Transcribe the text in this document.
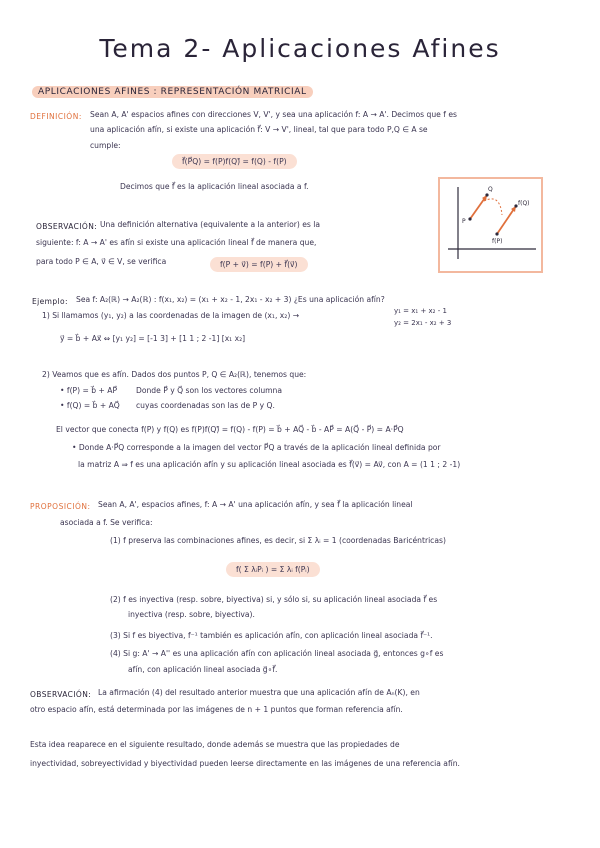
Tema 2- Aplicaciones Afines
APLICACIONES AFINES : REPRESENTACIÓN MATRICIAL
DEFINICIÓN: Sean A, A' espacios afines con direcciones V, V', y sea una aplicación f: A → A'. Decimos que f es
una aplicación afín, si existe una aplicación f⃗: V → V', lineal, tal que para todo P,Q ∈ A se
cumple:
f⃗(P⃗Q) = f(P)f(Q)⃗ = f(Q) - f(P)
Decimos que f⃗ es la aplicación lineal asociada a f.	Q
P
f(Q)
f(P)
OBSERVACIÓN: Una definición alternativa (equivalente a la anterior) es la
siguiente: f: A → A' es afín si existe una aplicación lineal f⃗ de manera que,
para todo P ∈ A, v⃗ ∈ V, se verifica	f(P + v⃗) = f(P) + f⃗(v⃗)
Ejemplo: Sea f: A₂(ℝ) → A₂(ℝ) : f(x₁, x₂) = (x₁ + x₂ - 1, 2x₁ - x₂ + 3) ¿Es una aplicación afín?
1) Si llamamos (y₁, y₂) a las coordenadas de la imagen de (x₁, x₂) →	y₁ = x₁ + x₂ - 1
y₂ = 2x₁ - x₂ + 3
y⃗ = b⃗ + Ax⃗ ⇔ [y₁ y₂] = [-1 3] + [1 1 ; 2 -1] [x₁ x₂]
2) Veamos que es afín. Dados dos puntos P, Q ∈ A₂(ℝ), tenemos que:
• f(P) = b⃗ + AP⃗
• f(Q) = b⃗ + AQ⃗
Donde P⃗ y Q⃗ son los vectores columna
cuyas coordenadas son las de P y Q.
El vector que conecta f(P) y f(Q) es f(P)f(Q)⃗ = f(Q) - f(P) = b⃗ + AQ⃗ - b⃗ - AP⃗ = A(Q⃗ - P⃗) = A·P⃗Q
• Donde A·P⃗Q corresponde a la imagen del vector P⃗Q a través de la aplicación lineal definida por
la matriz A ⇒ f es una aplicación afín y su aplicación lineal asociada es f⃗(v⃗) = Av⃗, con A = (1 1 ; 2 -1)
PROPOSICIÓN: Sean A, A', espacios afines, f: A → A' una aplicación afín, y sea f⃗ la aplicación lineal
asociada a f. Se verifica:
(1) f preserva las combinaciones afines, es decir, si Σ λᵢ = 1 (coordenadas Baricéntricas)
f( Σ λᵢPᵢ ) = Σ λᵢ f(Pᵢ)
(2) f es inyectiva (resp. sobre, biyectiva) si, y sólo si, su aplicación lineal asociada f⃗ es
inyectiva (resp. sobre, biyectiva).
(3) Si f es biyectiva, f⁻¹ también es aplicación afín, con aplicación lineal asociada f⃗⁻¹.
(4) Si g: A' → A'' es una aplicación afín con aplicación lineal asociada g⃗, entonces g∘f es
afín, con aplicación lineal asociada g⃗∘f⃗.
OBSERVACIÓN: La afirmación (4) del resultado anterior muestra que una aplicación afín de Aₙ(K), en
otro espacio afín, está determinada por las imágenes de n + 1 puntos que forman referencia afín.
Esta idea reaparece en el siguiente resultado, donde además se muestra que las propiedades de
inyectividad, sobreyectividad y biyectividad pueden leerse directamente en las imágenes de una referencia afín.
